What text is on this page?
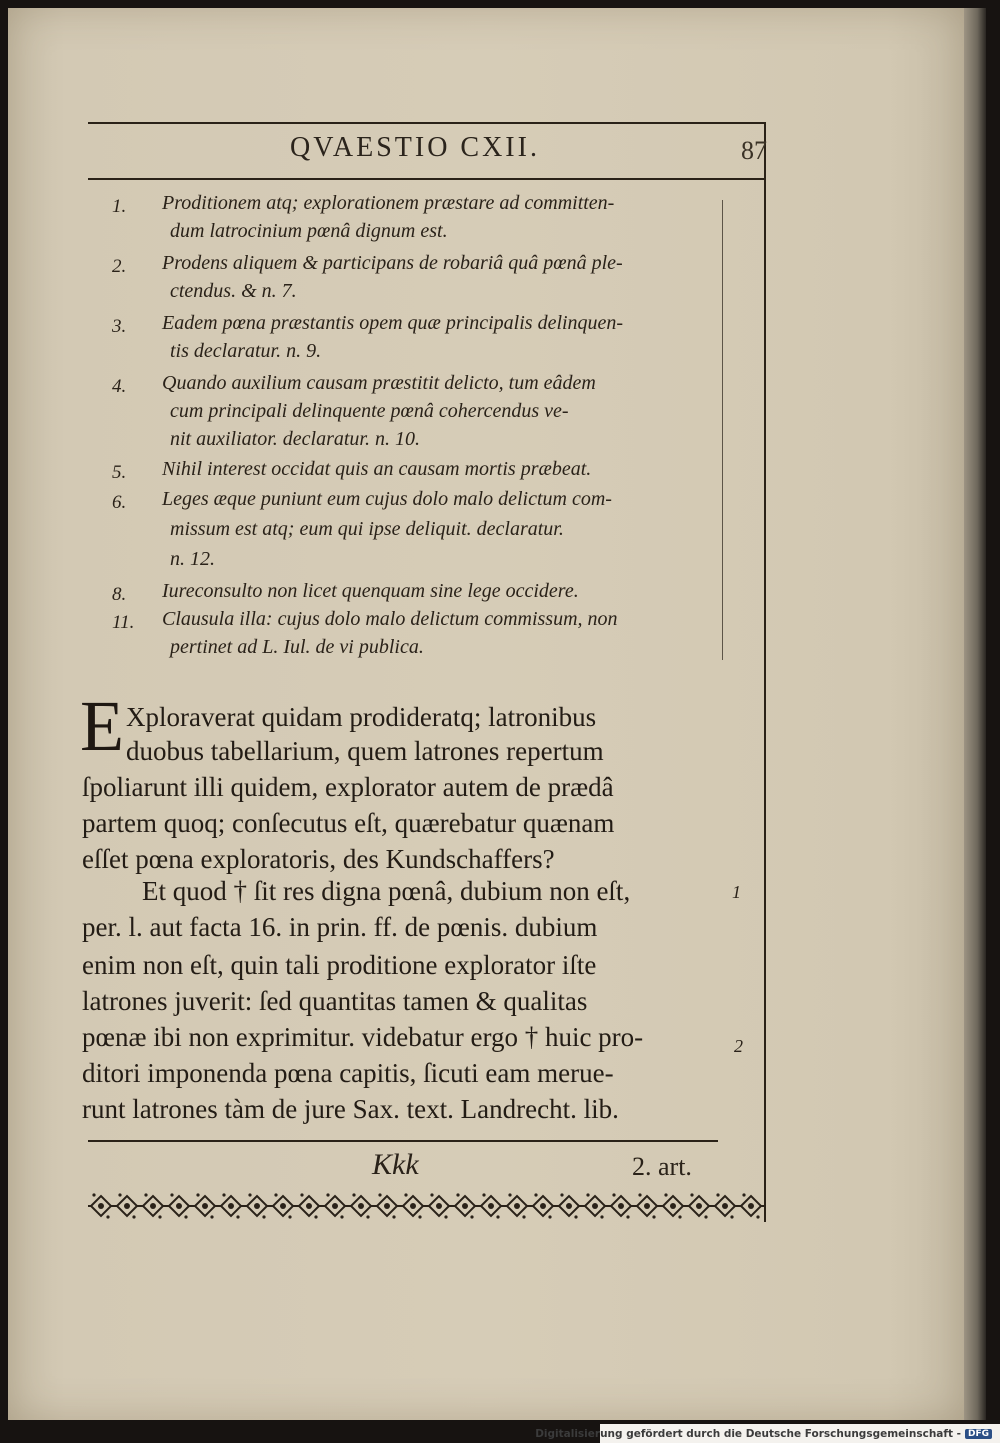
QVAESTIO CXII.	87
1.	Proditionem atq; explorationem præstare ad committen-
dum latrocinium pœnâ dignum est.
2.	Prodens aliquem & participans de robariâ quâ pœnâ ple-
ctendus. & n. 7.
3.	Eadem pœna præstantis opem quæ principalis delinquen-
tis declaratur. n. 9.
4.	Quando auxilium causam præstitit delicto, tum eâdem
cum principali delinquente pœnâ cohercendus ve-
nit auxiliator. declaratur. n. 10.
5.	Nihil interest occidat quis an causam mortis præbeat.
6.	Leges æque puniunt eum cujus dolo malo delictum com-
missum est atq; eum qui ipse deliquit. declaratur.
n. 12.
8.	Iureconsulto non licet quenquam sine lege occidere.
11.	Clausula illa: cujus dolo malo delictum commissum, non
pertinet ad L. Iul. de vi publica.
E Xploraverat quidam prodideratq; latronibus
duobus tabellarium, quem latrones repertum
ſpoliarunt illi quidem, explorator autem de prædâ
partem quoq; conſecutus eſt, quærebatur quænam
eſſet pœna exploratoris, des Kundschaffers?
Et quod † ſit res digna pœnâ, dubium non eſt,
per. l. aut facta 16. in prin. ff. de pœnis. dubium
enim non eſt, quin tali proditione explorator iſte
latrones juverit: ſed quantitas tamen & qualitas
pœnæ ibi non exprimitur. videbatur ergo † huic pro-
ditori imponenda pœna capitis, ſicuti eam merue-
runt latrones tàm de jure Sax. text. Landrecht. lib.
1
2
Kkk	2. art.
Digitalisierung gefördert durch die Deutsche Forschungsgemeinschaft - DFG
